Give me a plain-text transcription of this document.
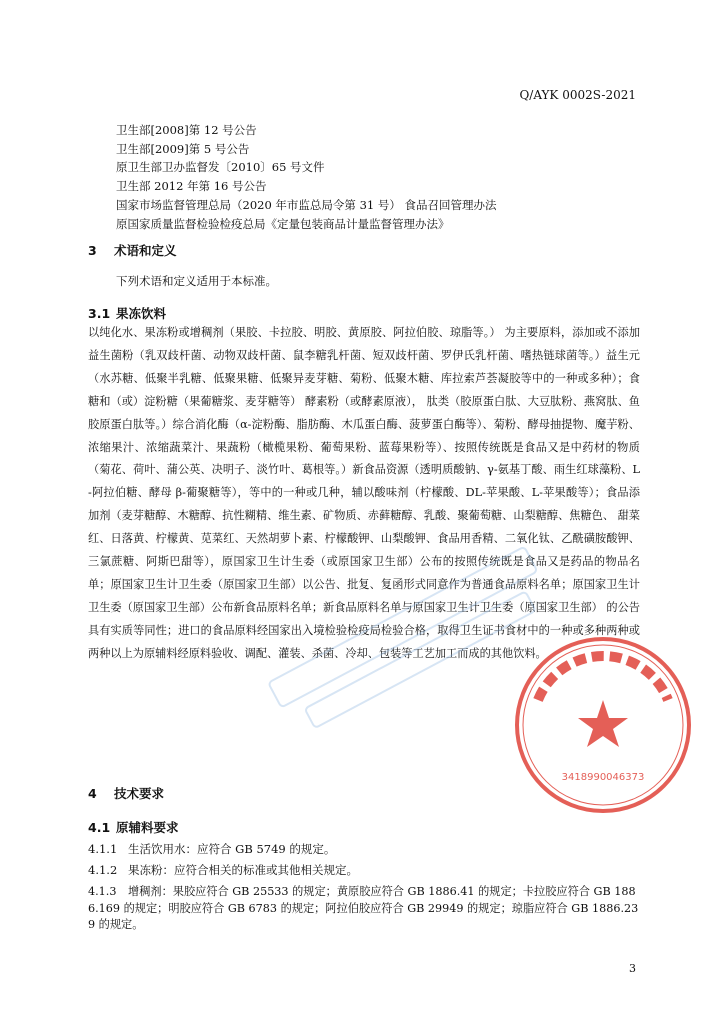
Q/AYK 0002S-2021
卫生部[2008]第 12 号公告
卫生部[2009]第 5 号公告
原卫生部卫办监督发〔2010〕65 号文件
卫生部 2012 年第 16 号公告
国家市场监督管理总局（2020 年市监总局令第 31 号） 食品召回管理办法
原国家质量监督检验检疫总局《定量包装商品计量监督管理办法》
3 术语和定义
下列术语和定义适用于本标准。
3.1 果冻饮料
以纯化水、果冻粉或增稠剂（果胶、卡拉胶、明胶、黄原胶、阿拉伯胶、琼脂等。） 为主要原料，添加或不添加益生菌粉（乳双歧杆菌、动物双歧杆菌、鼠李糖乳杆菌、短双歧杆菌、罗伊氏乳杆菌、嗜热链球菌等。）益生元（水苏糖、低聚半乳糖、低聚果糖、低聚异麦芽糖、菊粉、低聚木糖、库拉索芦荟凝胶等中的一种或多种）；食糖和（或）淀粉糖（果葡糖浆、麦芽糖等） 酵素粉（或酵素原液）， 肽类（胶原蛋白肽、大豆肽粉、燕窝肽、鱼胶原蛋白肽等。）综合消化酶（α-淀粉酶、脂肪酶、木瓜蛋白酶、菠萝蛋白酶等）、菊粉、酵母抽提物、魔芋粉、浓缩果汁、浓缩蔬菜汁、果蔬粉（橄榄果粉、葡萄果粉、蓝莓果粉等）、按照传统既是食品又是中药材的物质（菊花、荷叶、蒲公英、决明子、淡竹叶、葛根等。）新食品资源（透明质酸钠、γ-氨基丁酸、雨生红球藻粉、L-阿拉伯糖、酵母 β-葡聚糖等），等中的一种或几种，辅以酸味剂（柠檬酸、DL-苹果酸、L-苹果酸等）；食品添加剂（麦芽糖醇、木糖醇、抗性糊精、维生素、矿物质、赤藓糖醇、乳酸、聚葡萄糖、山梨糖醇、焦糖色、 甜菜红、日落黄、柠檬黄、苋菜红、天然胡萝卜素、柠檬酸钾、山梨酸钾、食品用香精、二氧化钛、乙酰磺胺酸钾、三氯蔗糖、阿斯巴甜等），原国家卫生计生委（或原国家卫生部）公布的按照传统既是食品又是药品的物品名单；原国家卫生计卫生委（原国家卫生部）以公告、批复、复函形式同意作为普通食品原料名单；原国家卫生计卫生委（原国家卫生部）公布新食品原料名单；新食品原料名单与原国家卫生计卫生委（原国家卫生部） 的公告具有实质等同性；进口的食品原料经国家出入境检验检疫局检验合格，取得卫生证书食材中的一种或多种两种或两种以上为原辅料经原料验收、调配、灌装、杀菌、冷却、包装等工艺加工而成的其他饮料。
4 技术要求
4.1 原辅料要求
4.1.1 生活饮用水：应符合 GB 5749 的规定。
4.1.2 果冻粉：应符合相关的标准或其他相关规定。
4.1.3 增稠剂：果胶应符合 GB 25533 的规定；黄原胶应符合 GB 1886.41 的规定；卡拉胶应符合 GB 1886.169 的规定；明胶应符合 GB 6783 的规定；阿拉伯胶应符合 GB 29949 的规定；琼脂应符合 GB 1886.239 的规定。
3
3418990046373
